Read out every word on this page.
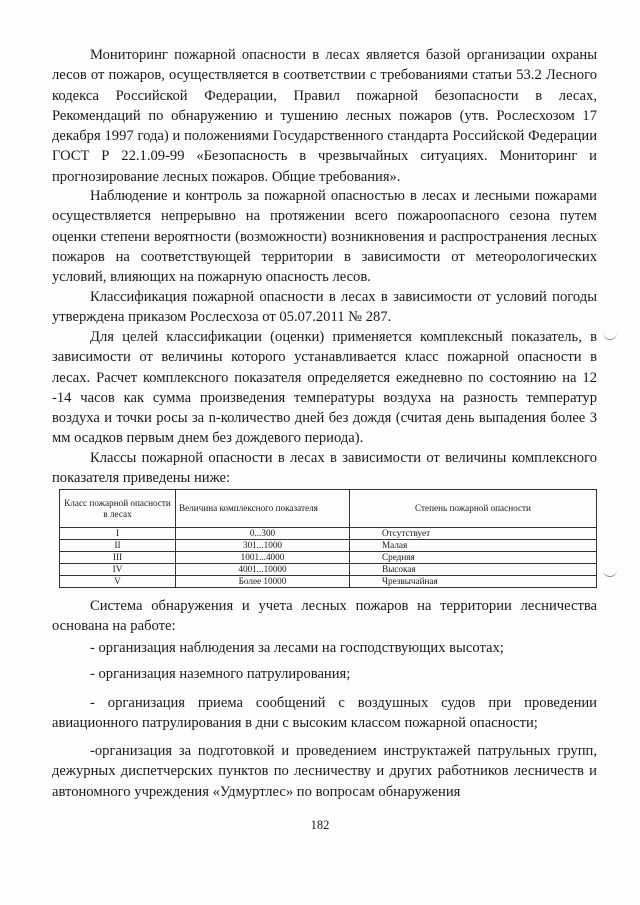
Мониторинг пожарной опасности в лесах является базой организации охраны лесов от пожаров, осуществляется в соответствии с требованиями статьи 53.2 Лесного кодекса Российской Федерации, Правил пожарной безопасности в лесах, Рекомендаций по обнаружению и тушению лесных пожаров (утв. Рослесхозом 17 декабря 1997 года) и положениями Государственного стандарта Российской Федерации ГОСТ Р 22.1.09-99 «Безопасность в чрезвычайных ситуациях. Мониторинг и прогнозирование лесных пожаров. Общие требования».

Наблюдение и контроль за пожарной опасностью в лесах и лесными пожарами осуществляется непрерывно на протяжении всего пожароопасного сезона путем оценки степени вероятности (возможности) возникновения и распространения лесных пожаров на соответствующей территории в зависимости от метеорологических условий, влияющих на пожарную опасность лесов.

Классификация пожарной опасности в лесах в зависимости от условий погоды утверждена приказом Рослесхоза от 05.07.2011 № 287.

Для целей классификации (оценки) применяется комплексный показатель, в зависимости от величины которого устанавливается класс пожарной опасности в лесах. Расчет комплексного показателя определяется ежедневно по состоянию на 12 -14 часов как сумма произведения температуры воздуха на разность температур воздуха и точки росы за n-количество дней без дождя (считая день выпадения более 3 мм осадков первым днем без дождевого периода).

Классы пожарной опасности в лесах в зависимости от величины комплексного показателя приведены ниже:

Класс пожарной опасности в лесах	Величина комплексного показателя	Степень пожарной опасности
I	0...300	Отсутствует
II	301...1000	Малая
III	1001...4000	Средняя
IV	4001...10000	Высокая
V	Более 10000	Чрезвычайная

Система обнаружения и учета лесных пожаров на территории лесничества основана на работе:

- организация наблюдения за лесами на господствующих высотах;

- организация наземного патрулирования;

- организация приема сообщений с воздушных судов при проведении авиационного патрулирования в дни с высоким классом пожарной опасности;

-организация за подготовкой и проведением инструктажей патрульных групп, дежурных диспетчерских пунктов по лесничеству и других работников лесничеств и автономного учреждения «Удмуртлес» по вопросам обнаружения

182
